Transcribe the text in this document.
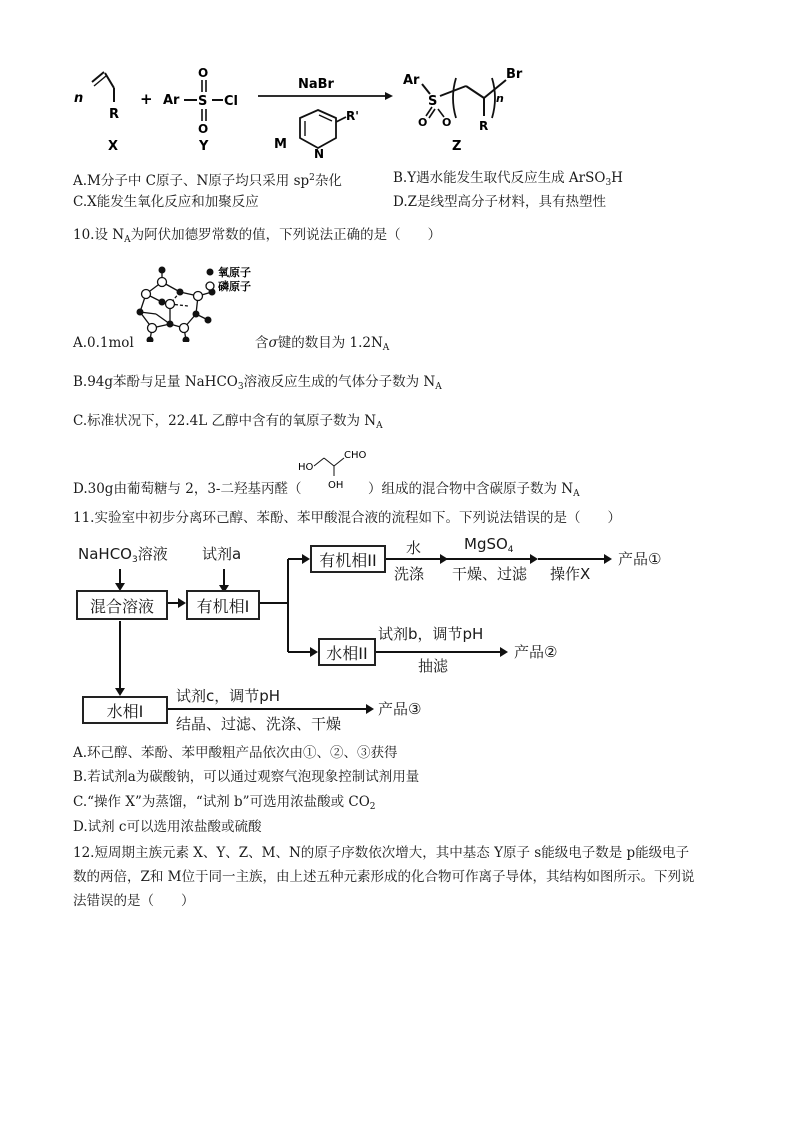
n
R
X
+ Ar S
O
O
Cl
Y
NaBr
R'
N
M
Ar
S
O O R
n
Br
Z
A.M分子中 C原子、N原子均只采用 $sp^2$杂化	B.Y遇水能发生取代反应生成 ArSO$_3$H
C.X能发生氧化反应和加聚反应	D.Z是线型高分子材料，具有热塑性
10.设 $N_A$为阿伏加德罗常数的值，下列说法正确的是（　　）
氧原子
磷原子
A.0.1mol	含σ键的数目为 $1.2N_A$
B.94g苯酚与足量 NaHCO$_3$溶液反应生成的气体分子数为 $N_A$
C.标准状况下，22.4L 乙醇中含有的氧原子数为 $N_A$
HO
CHO
OH
D.30g由葡萄糖与 2，3-二羟基丙醛（	）组成的混合物中含碳原子数为 $N_A$
11.实验室中初步分离环己醇、苯酚、苯甲酸混合液的流程如下。下列说法错误的是（　　）
NaHCO$_3$溶液 试剂a
混合溶液	有机相I
有机相II
水
洗涤
MgSO$_4$
干燥、过滤 操作X
产品①
水相II
试剂b，调节pH
抽滤
产品②
水相I
试剂c，调节pH
结晶、过滤、洗涤、干燥
产品③
A.环己醇、苯酚、苯甲酸粗产品依次由①、②、③获得
B.若试剂a为碳酸钠，可以通过观察气泡现象控制试剂用量
C.“操作 X”为蒸馏，“试剂 b”可选用浓盐酸或 $CO_2$
D.试剂 c可以选用浓盐酸或硫酸
12.短周期主族元素 X、Y、Z、M、N的原子序数依次增大，其中基态 Y原子 s能级电子数是 p能级电子
数的两倍，Z和 M位于同一主族，由上述五种元素形成的化合物可作离子导体，其结构如图所示。下列说
法错误的是（　　）
